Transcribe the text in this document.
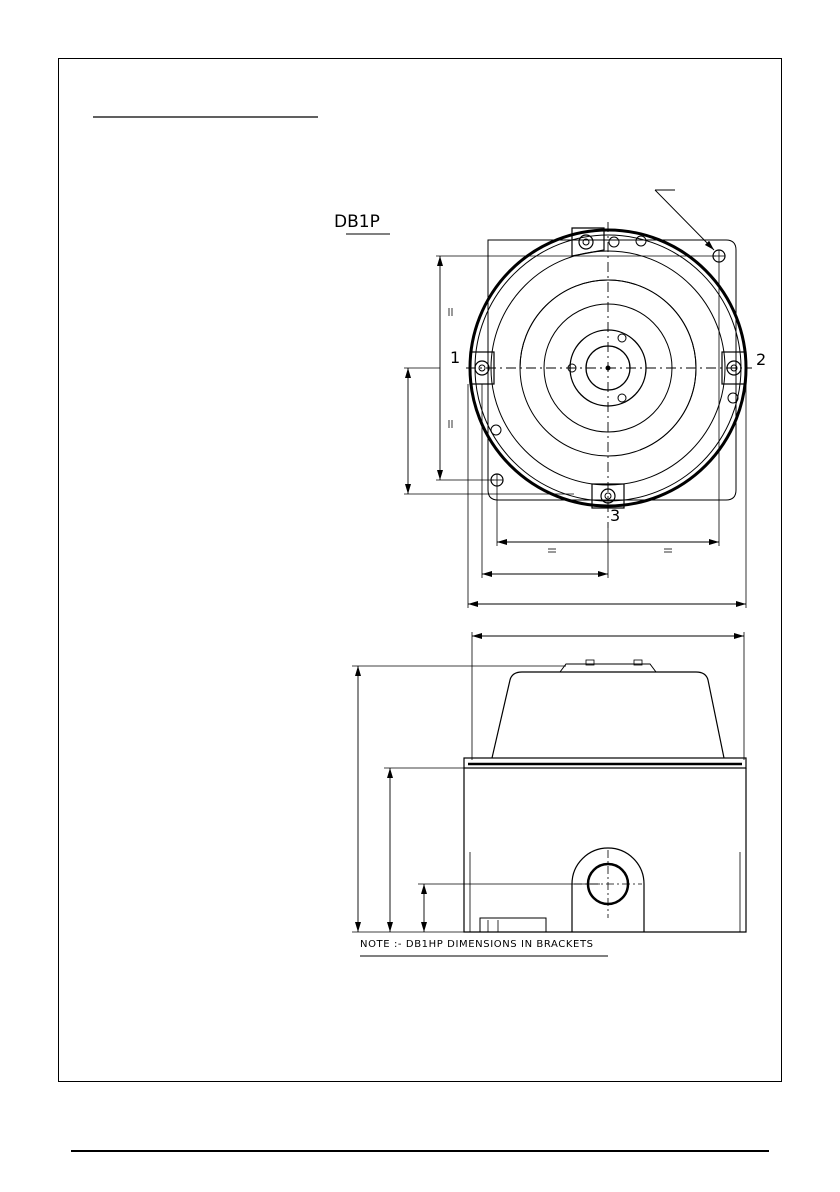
DB1P
1	2
3
NOTE :- DB1HP DIMENSIONS IN BRACKETS
